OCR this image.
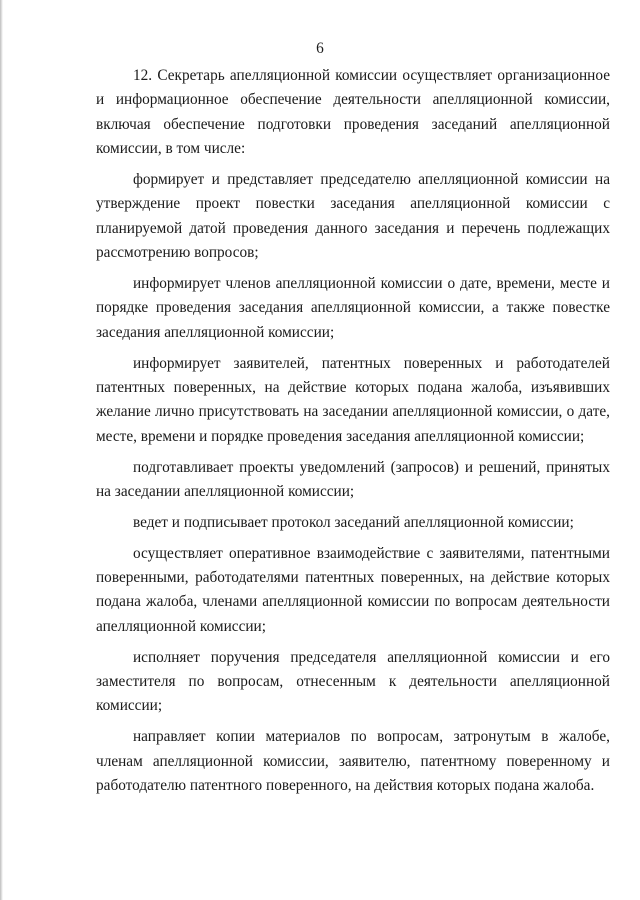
6

12. Секретарь апелляционной комиссии осуществляет организационное и информационное обеспечение деятельности апелляционной комиссии, включая обеспечение подготовки проведения заседаний апелляционной комиссии, в том числе:

формирует и представляет председателю апелляционной комиссии на утверждение проект повестки заседания апелляционной комиссии с планируемой датой проведения данного заседания и перечень подлежащих рассмотрению вопросов;

информирует членов апелляционной комиссии о дате, времени, месте и порядке проведения заседания апелляционной комиссии, а также повестке заседания апелляционной комиссии;

информирует заявителей, патентных поверенных и работодателей патентных поверенных, на действие которых подана жалоба, изъявивших желание лично присутствовать на заседании апелляционной комиссии, о дате, месте, времени и порядке проведения заседания апелляционной комиссии;

подготавливает проекты уведомлений (запросов) и решений, принятых на заседании апелляционной комиссии;

ведет и подписывает протокол заседаний апелляционной комиссии;

осуществляет оперативное взаимодействие с заявителями, патентными поверенными, работодателями патентных поверенных, на действие которых подана жалоба, членами апелляционной комиссии по вопросам деятельности апелляционной комиссии;

исполняет поручения председателя апелляционной комиссии и его заместителя по вопросам, отнесенным к деятельности апелляционной комиссии;

направляет копии материалов по вопросам, затронутым в жалобе, членам апелляционной комиссии, заявителю, патентному поверенному и работодателю патентного поверенного, на действия которых подана жалоба.
